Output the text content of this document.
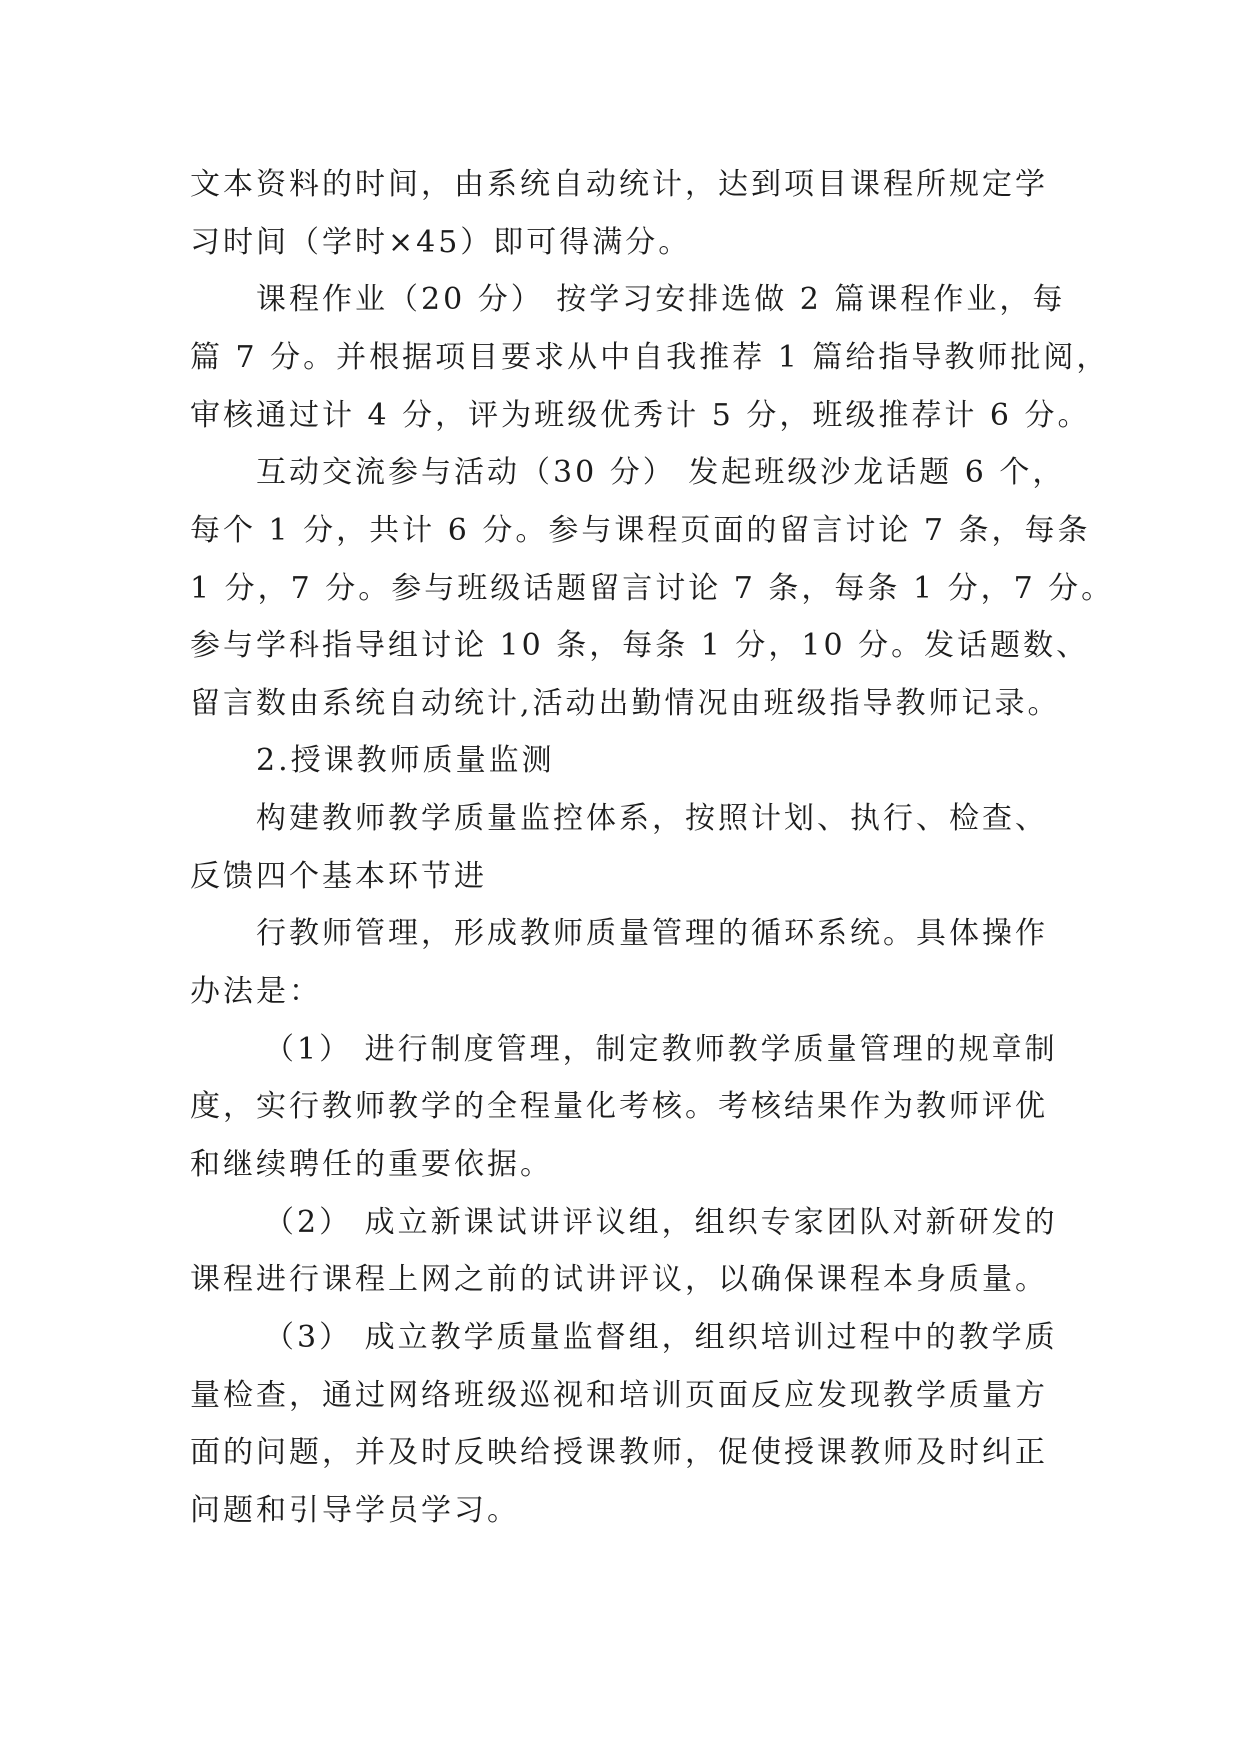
文本资料的时间，由系统自动统计，达到项目课程所规定学
习时间（学时×45）即可得满分。
课程作业（20 分） 按学习安排选做 2 篇课程作业，每
篇 7 分。并根据项目要求从中自我推荐 1 篇给指导教师批阅，
审核通过计 4 分，评为班级优秀计 5 分，班级推荐计 6 分。
互动交流参与活动（30 分） 发起班级沙龙话题 6 个，
每个 1 分，共计 6 分。参与课程页面的留言讨论 7 条，每条
1 分，7 分。参与班级话题留言讨论 7 条，每条 1 分，7 分。
参与学科指导组讨论 10 条，每条 1 分，10 分。发话题数、
留言数由系统自动统计,活动出勤情况由班级指导教师记录。
2.授课教师质量监测
构建教师教学质量监控体系，按照计划、执行、检查、
反馈四个基本环节进
行教师管理，形成教师质量管理的循环系统。具体操作
办法是：
（1） 进行制度管理，制定教师教学质量管理的规章制
度，实行教师教学的全程量化考核。考核结果作为教师评优
和继续聘任的重要依据。
（2） 成立新课试讲评议组，组织专家团队对新研发的
课程进行课程上网之前的试讲评议，以确保课程本身质量。
（3） 成立教学质量监督组，组织培训过程中的教学质
量检查，通过网络班级巡视和培训页面反应发现教学质量方
面的问题，并及时反映给授课教师，促使授课教师及时纠正
问题和引导学员学习。
